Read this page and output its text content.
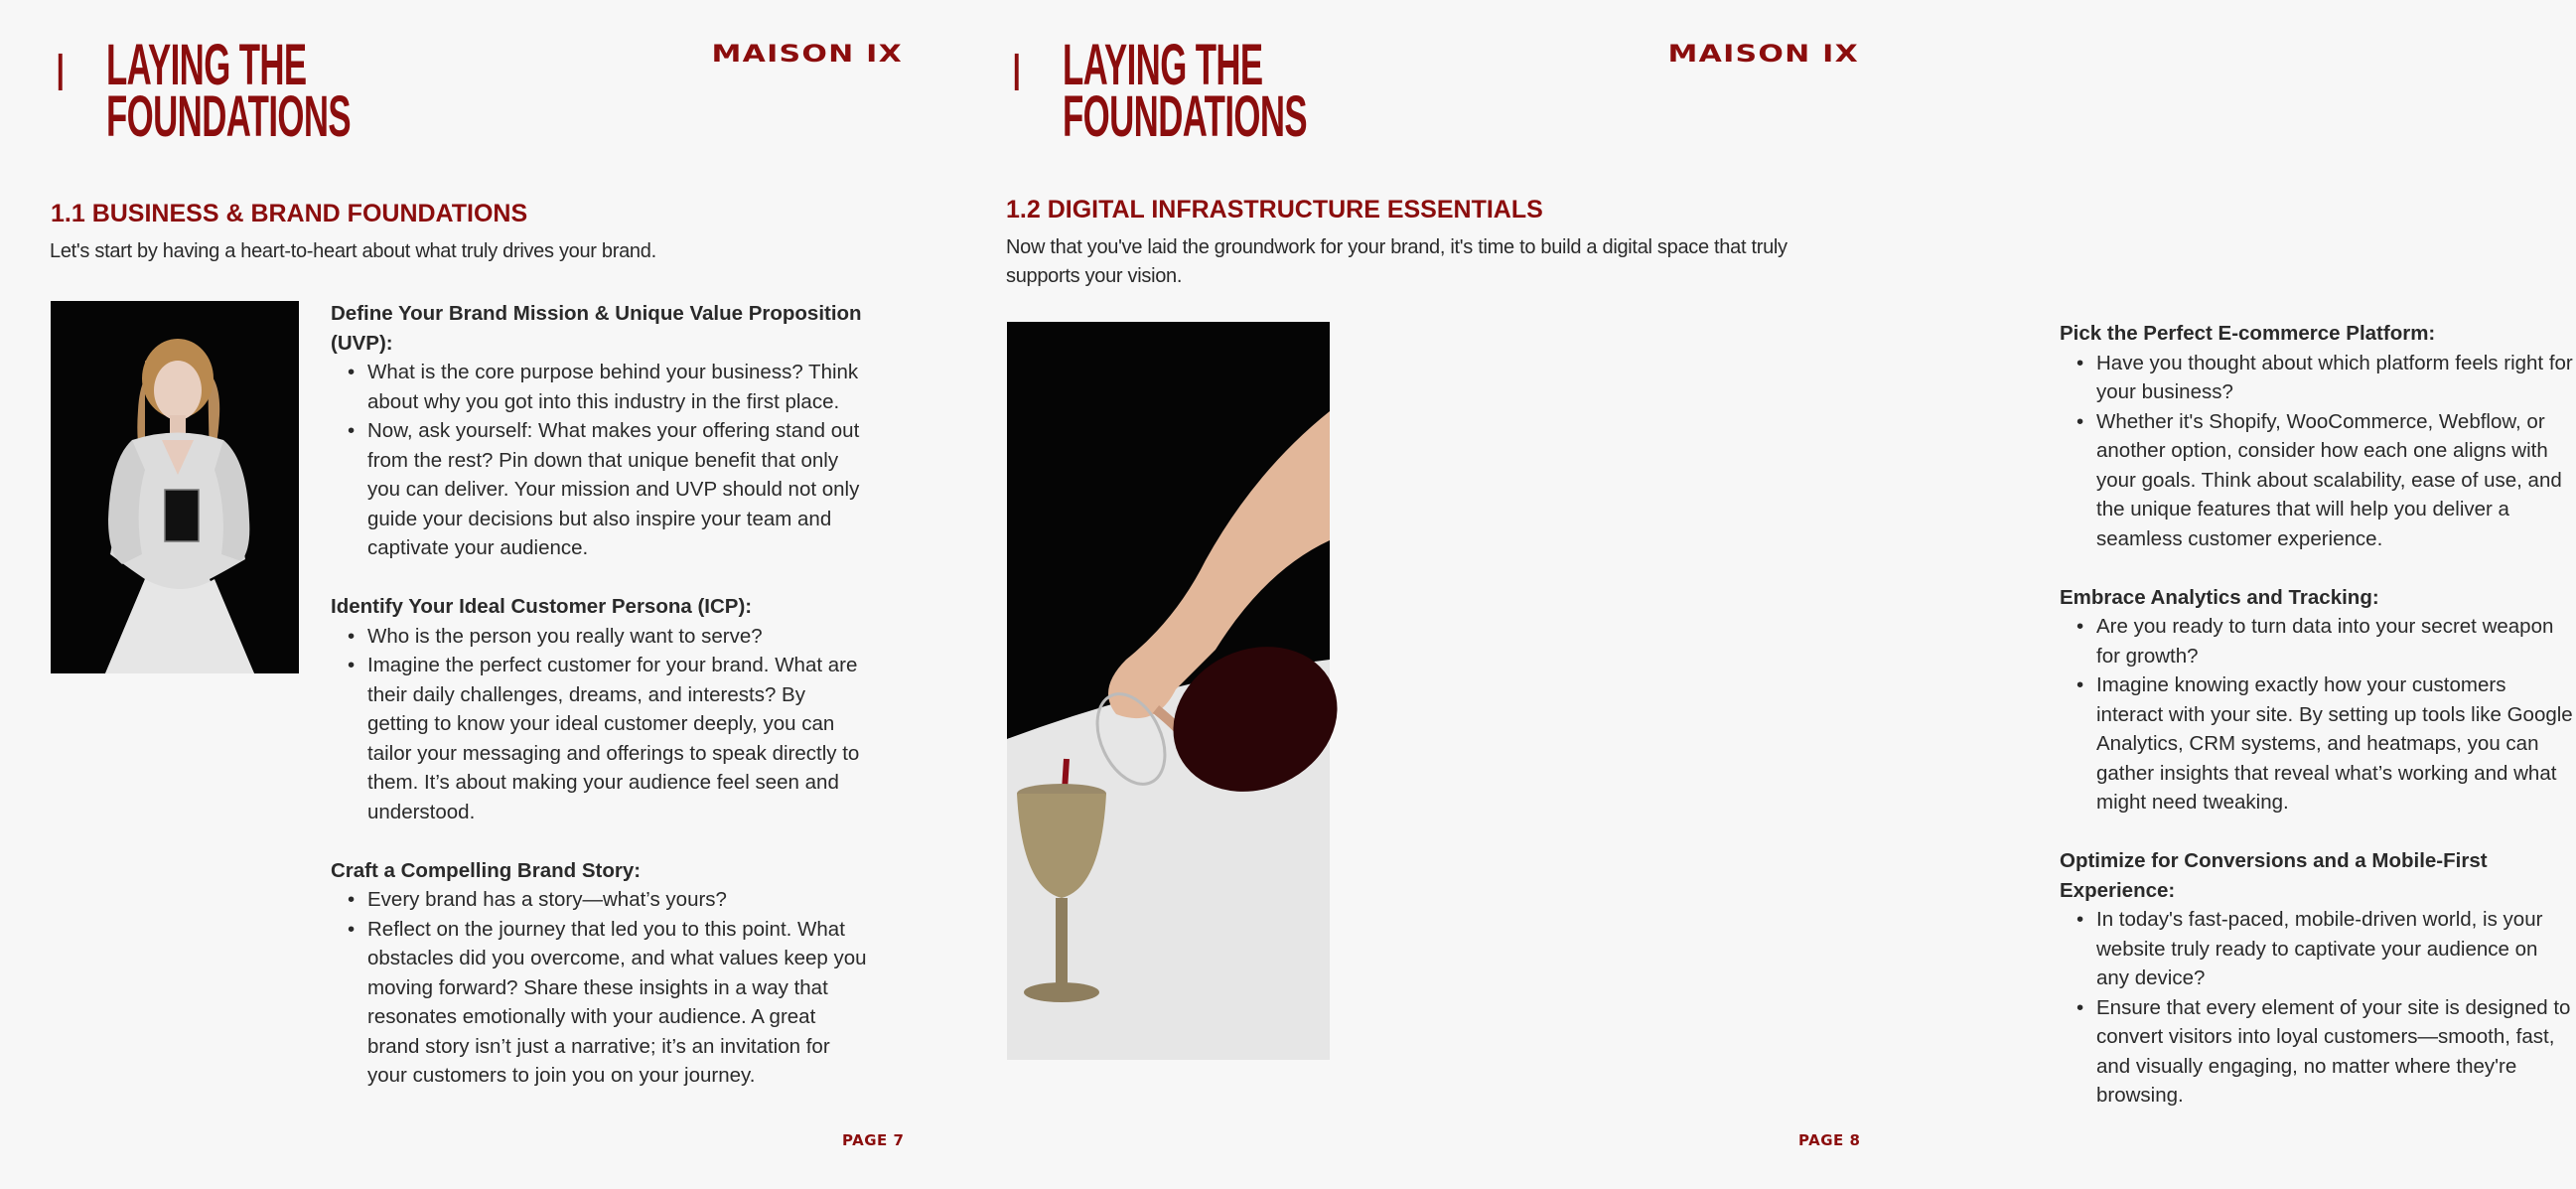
I LAYING THE
FOUNDATIONS
MAISON IX
1.1 BUSINESS & BRAND FOUNDATIONS
Let's start by having a heart-to-heart about what truly drives your brand.

Define Your Brand Mission & Unique Value Proposition (UVP):

• What is the core purpose behind your business? Think about why you got into this industry in the first place.
• Now, ask yourself: What makes your offering stand out from the rest? Pin down that unique benefit that only you can deliver. Your mission and UVP should not only guide your decisions but also inspire your team and captivate your audience.

Identify Your Ideal Customer Persona (ICP):

• Who is the person you really want to serve?
• Imagine the perfect customer for your brand. What are their daily challenges, dreams, and interests? By getting to know your ideal customer deeply, you can tailor your messaging and offerings to speak directly to them. It’s about making your audience feel seen and understood.

Craft a Compelling Brand Story:

• Every brand has a story—what’s yours?
• Reflect on the journey that led you to this point. What obstacles did you overcome, and what values keep you moving forward? Share these insights in a way that resonates emotionally with your audience. A great brand story isn’t just a narrative; it’s an invitation for your customers to join you on your journey.
PAGE 7
I LAYING THE
FOUNDATIONS
MAISON IX
1.2 DIGITAL INFRASTRUCTURE ESSENTIALS
Now that you've laid the groundwork for your brand, it's time to build a digital space that truly supports your vision.

Pick the Perfect E-commerce Platform:

• Have you thought about which platform feels right for your business?
• Whether it's Shopify, WooCommerce, Webflow, or another option, consider how each one aligns with your goals. Think about scalability, ease of use, and the unique features that will help you deliver a seamless customer experience.

Embrace Analytics and Tracking:

• Are you ready to turn data into your secret weapon for growth?
• Imagine knowing exactly how your customers interact with your site. By setting up tools like Google Analytics, CRM systems, and heatmaps, you can gather insights that reveal what’s working and what might need tweaking.

Optimize for Conversions and a Mobile-First Experience:

• In today's fast-paced, mobile-driven world, is your website truly ready to captivate your audience on any device?
• Ensure that every element of your site is designed to convert visitors into loyal customers—smooth, fast, and visually engaging, no matter where they're browsing.
PAGE 8
